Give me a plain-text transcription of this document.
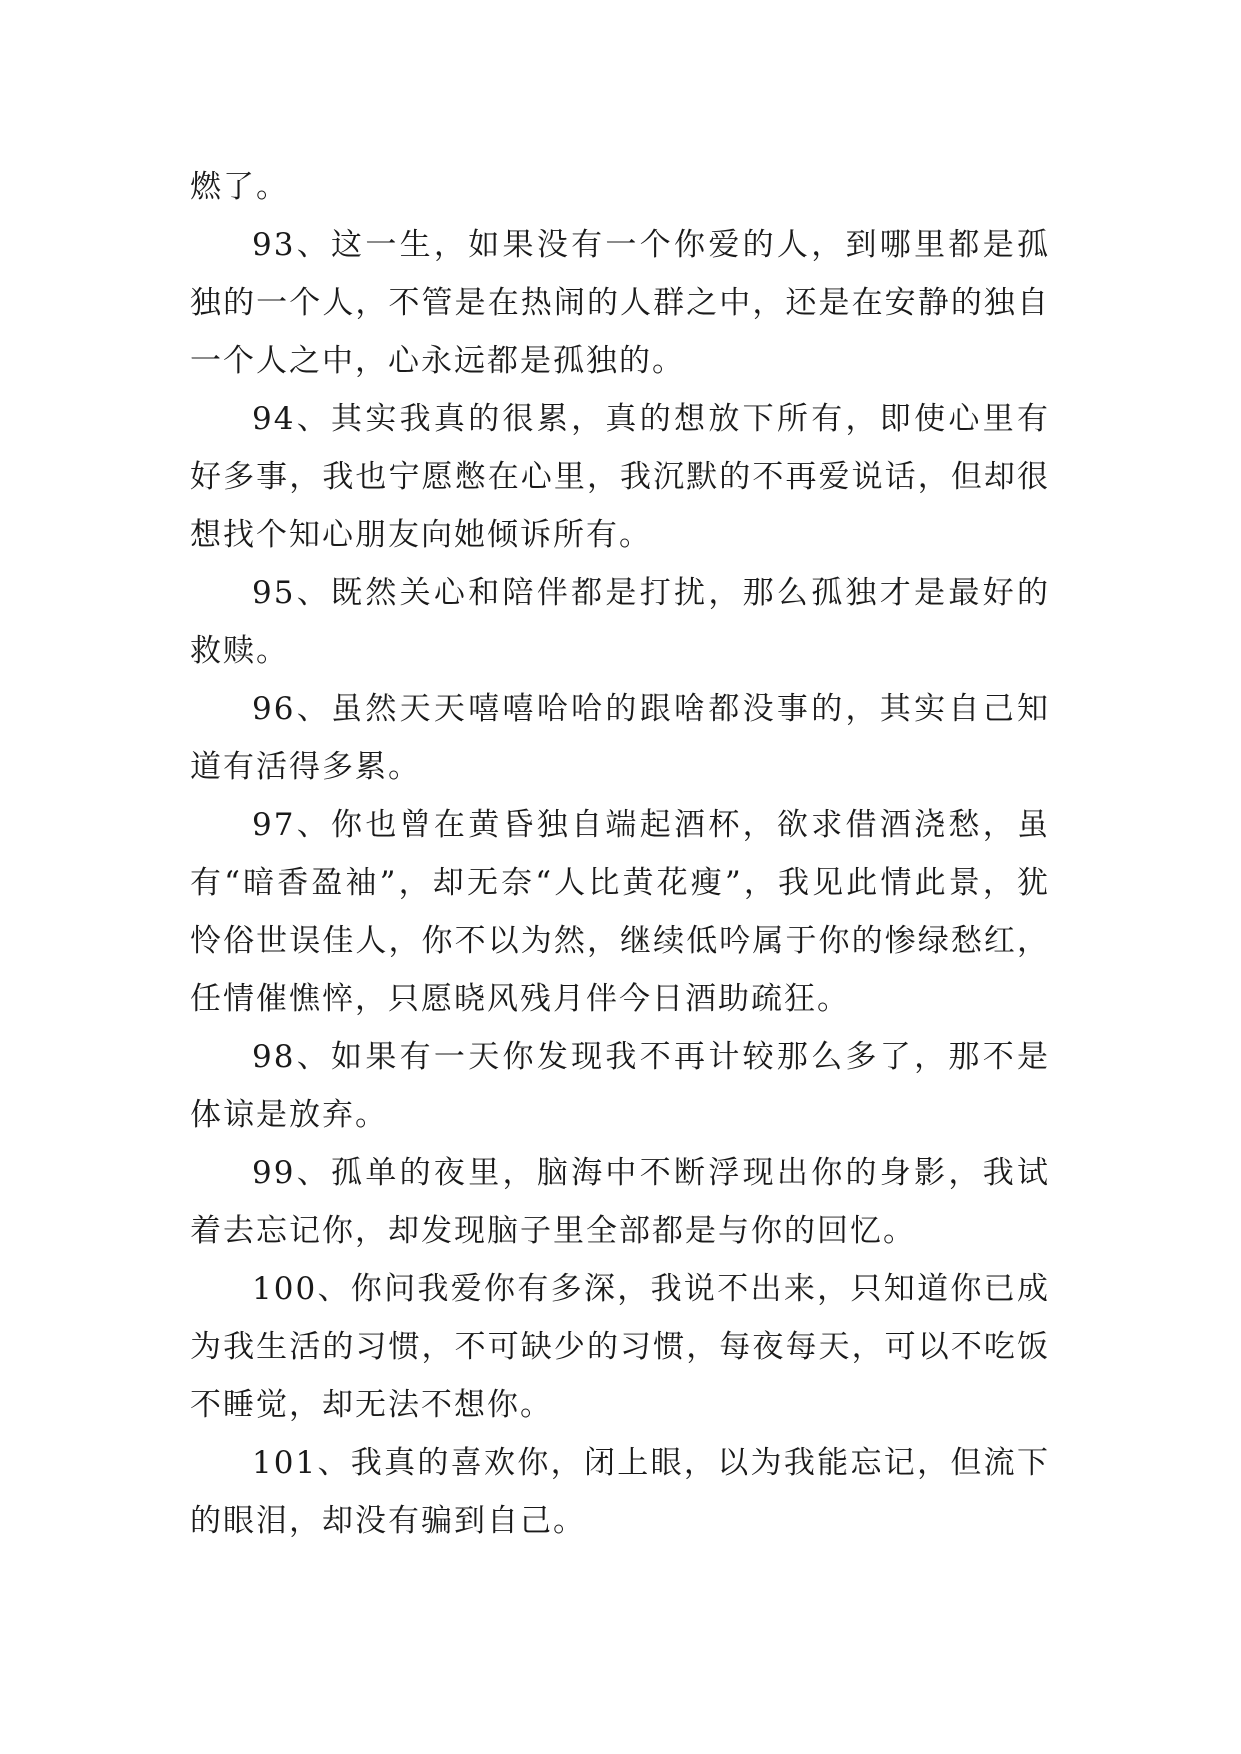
燃了。

93、这一生，如果没有一个你爱的人，到哪里都是孤独的一个人，不管是在热闹的人群之中，还是在安静的独自一个人之中，心永远都是孤独的。

94、其实我真的很累，真的想放下所有，即使心里有好多事，我也宁愿憋在心里，我沉默的不再爱说话，但却很想找个知心朋友向她倾诉所有。

95、既然关心和陪伴都是打扰，那么孤独才是最好的救赎。

96、虽然天天嘻嘻哈哈的跟啥都没事的，其实自己知道有活得多累。

97、你也曾在黄昏独自端起酒杯，欲求借酒浇愁，虽有“暗香盈袖”，却无奈“人比黄花瘦”，我见此情此景，犹怜俗世误佳人，你不以为然，继续低吟属于你的惨绿愁红，任情催憔悴，只愿晓风残月伴今日酒助疏狂。

98、如果有一天你发现我不再计较那么多了，那不是体谅是放弃。

99、孤单的夜里，脑海中不断浮现出你的身影，我试着去忘记你，却发现脑子里全部都是与你的回忆。

100、你问我爱你有多深，我说不出来，只知道你已成为我生活的习惯，不可缺少的习惯，每夜每天，可以不吃饭不睡觉，却无法不想你。

101、我真的喜欢你，闭上眼，以为我能忘记，但流下的眼泪，却没有骗到自己。
